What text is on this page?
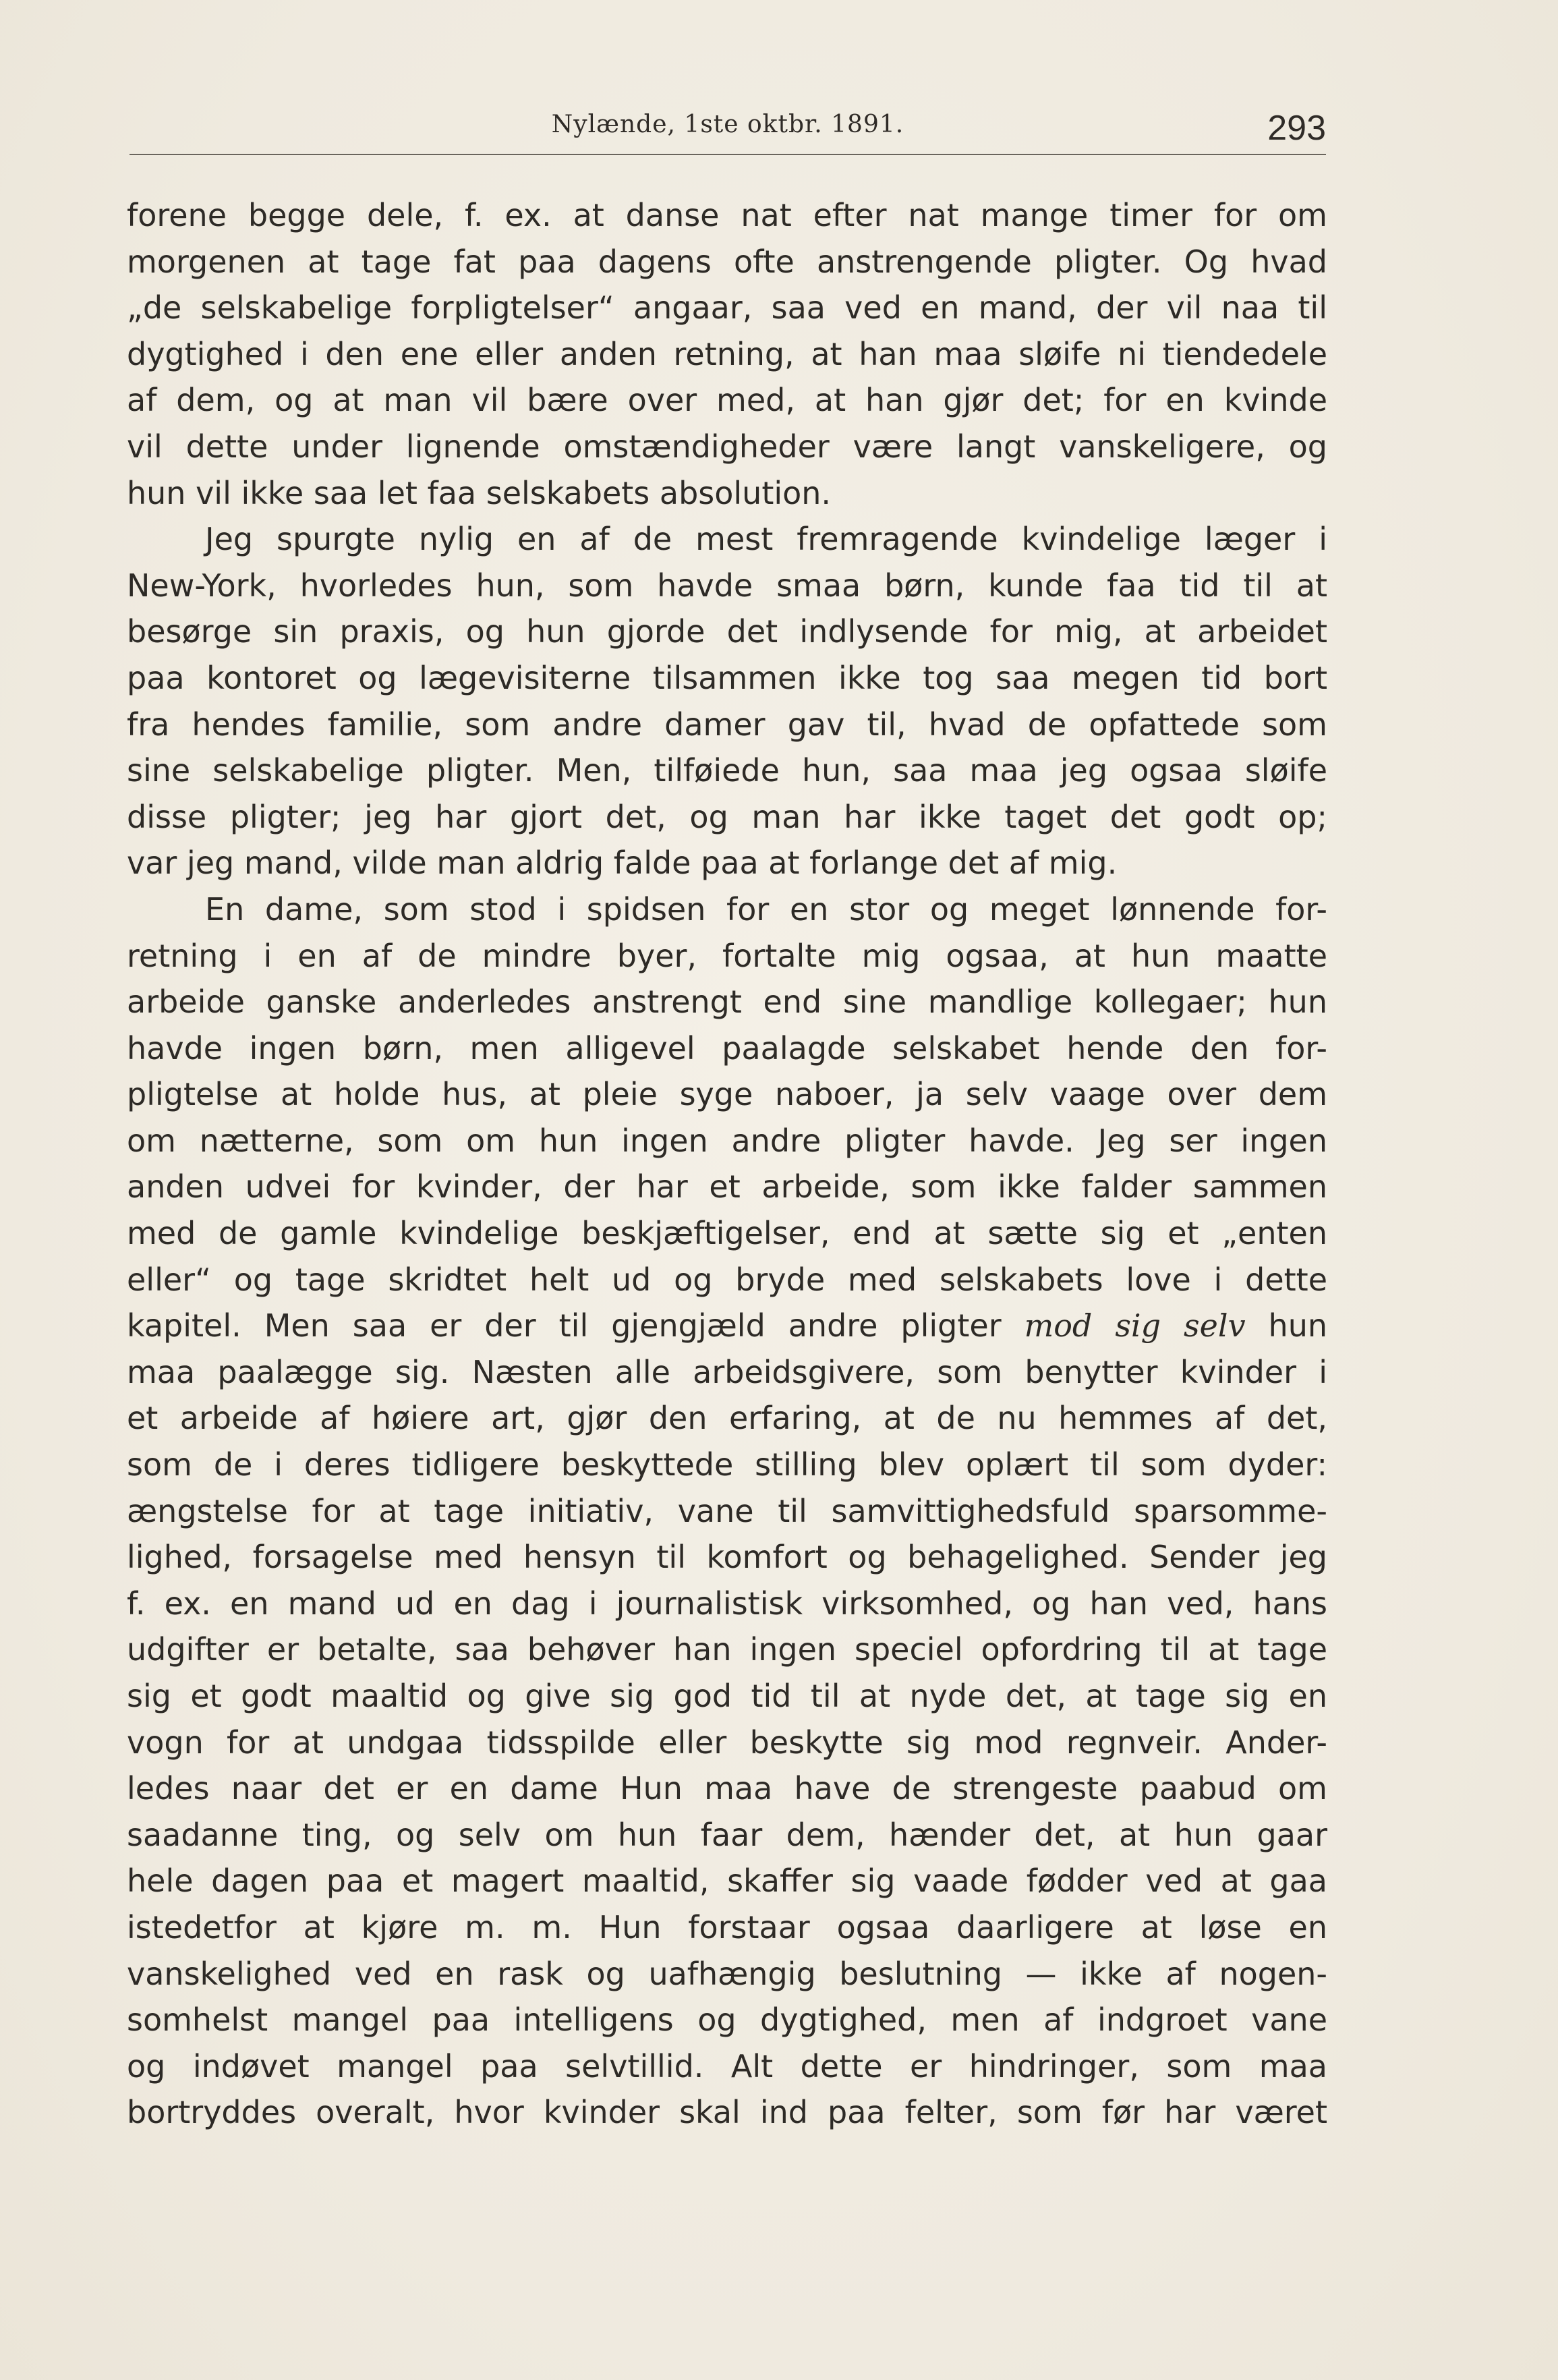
Nylænde, 1ste oktbr. 1891.	293
forene begge dele, f. ex. at danse nat efter nat mange timer for om
morgenen at tage fat paa dagens ofte anstrengende pligter. Og hvad
„de selskabelige forpligtelser“ angaar, saa ved en mand, der vil naa til
dygtighed i den ene eller anden retning, at han maa sløife ni tiendedele
af dem, og at man vil bære over med, at han gjør det; for en kvinde
vil dette under lignende omstændigheder være langt vanskeligere, og
hun vil ikke saa let faa selskabets absolution.
Jeg spurgte nylig en af de mest fremragende kvindelige læger i
New-York, hvorledes hun, som havde smaa børn, kunde faa tid til at
besørge sin praxis, og hun gjorde det indlysende for mig, at arbeidet
paa kontoret og lægevisiterne tilsammen ikke tog saa megen tid bort
fra hendes familie, som andre damer gav til, hvad de opfattede som
sine selskabelige pligter. Men, tilføiede hun, saa maa jeg ogsaa sløife
disse pligter; jeg har gjort det, og man har ikke taget det godt op;
var jeg mand, vilde man aldrig falde paa at forlange det af mig.
En dame, som stod i spidsen for en stor og meget lønnende for-
retning i en af de mindre byer, fortalte mig ogsaa, at hun maatte
arbeide ganske anderledes anstrengt end sine mandlige kollegaer; hun
havde ingen børn, men alligevel paalagde selskabet hende den for-
pligtelse at holde hus, at pleie syge naboer, ja selv vaage over dem
om nætterne, som om hun ingen andre pligter havde. Jeg ser ingen
anden udvei for kvinder, der har et arbeide, som ikke falder sammen
med de gamle kvindelige beskjæftigelser, end at sætte sig et „enten
eller“ og tage skridtet helt ud og bryde med selskabets love i dette
kapitel. Men saa er der til gjengjæld andre pligter mod sig selv hun
maa paalægge sig. Næsten alle arbeidsgivere, som benytter kvinder i
et arbeide af høiere art, gjør den erfaring, at de nu hemmes af det,
som de i deres tidligere beskyttede stilling blev oplært til som dyder:
ængstelse for at tage initiativ, vane til samvittighedsfuld sparsomme-
lighed, forsagelse med hensyn til komfort og behagelighed. Sender jeg
f. ex. en mand ud en dag i journalistisk virksomhed, og han ved, hans
udgifter er betalte, saa behøver han ingen speciel opfordring til at tage
sig et godt maaltid og give sig god tid til at nyde det, at tage sig en
vogn for at undgaa tidsspilde eller beskytte sig mod regnveir. Ander-
ledes naar det er en dame Hun maa have de strengeste paabud om
saadanne ting, og selv om hun faar dem, hænder det, at hun gaar
hele dagen paa et magert maaltid, skaffer sig vaade fødder ved at gaa
istedetfor at kjøre m. m. Hun forstaar ogsaa daarligere at løse en
vanskelighed ved en rask og uafhængig beslutning — ikke af nogen-
somhelst mangel paa intelligens og dygtighed, men af indgroet vane
og indøvet mangel paa selvtillid. Alt dette er hindringer, som maa
bortryddes overalt, hvor kvinder skal ind paa felter, som før har været
